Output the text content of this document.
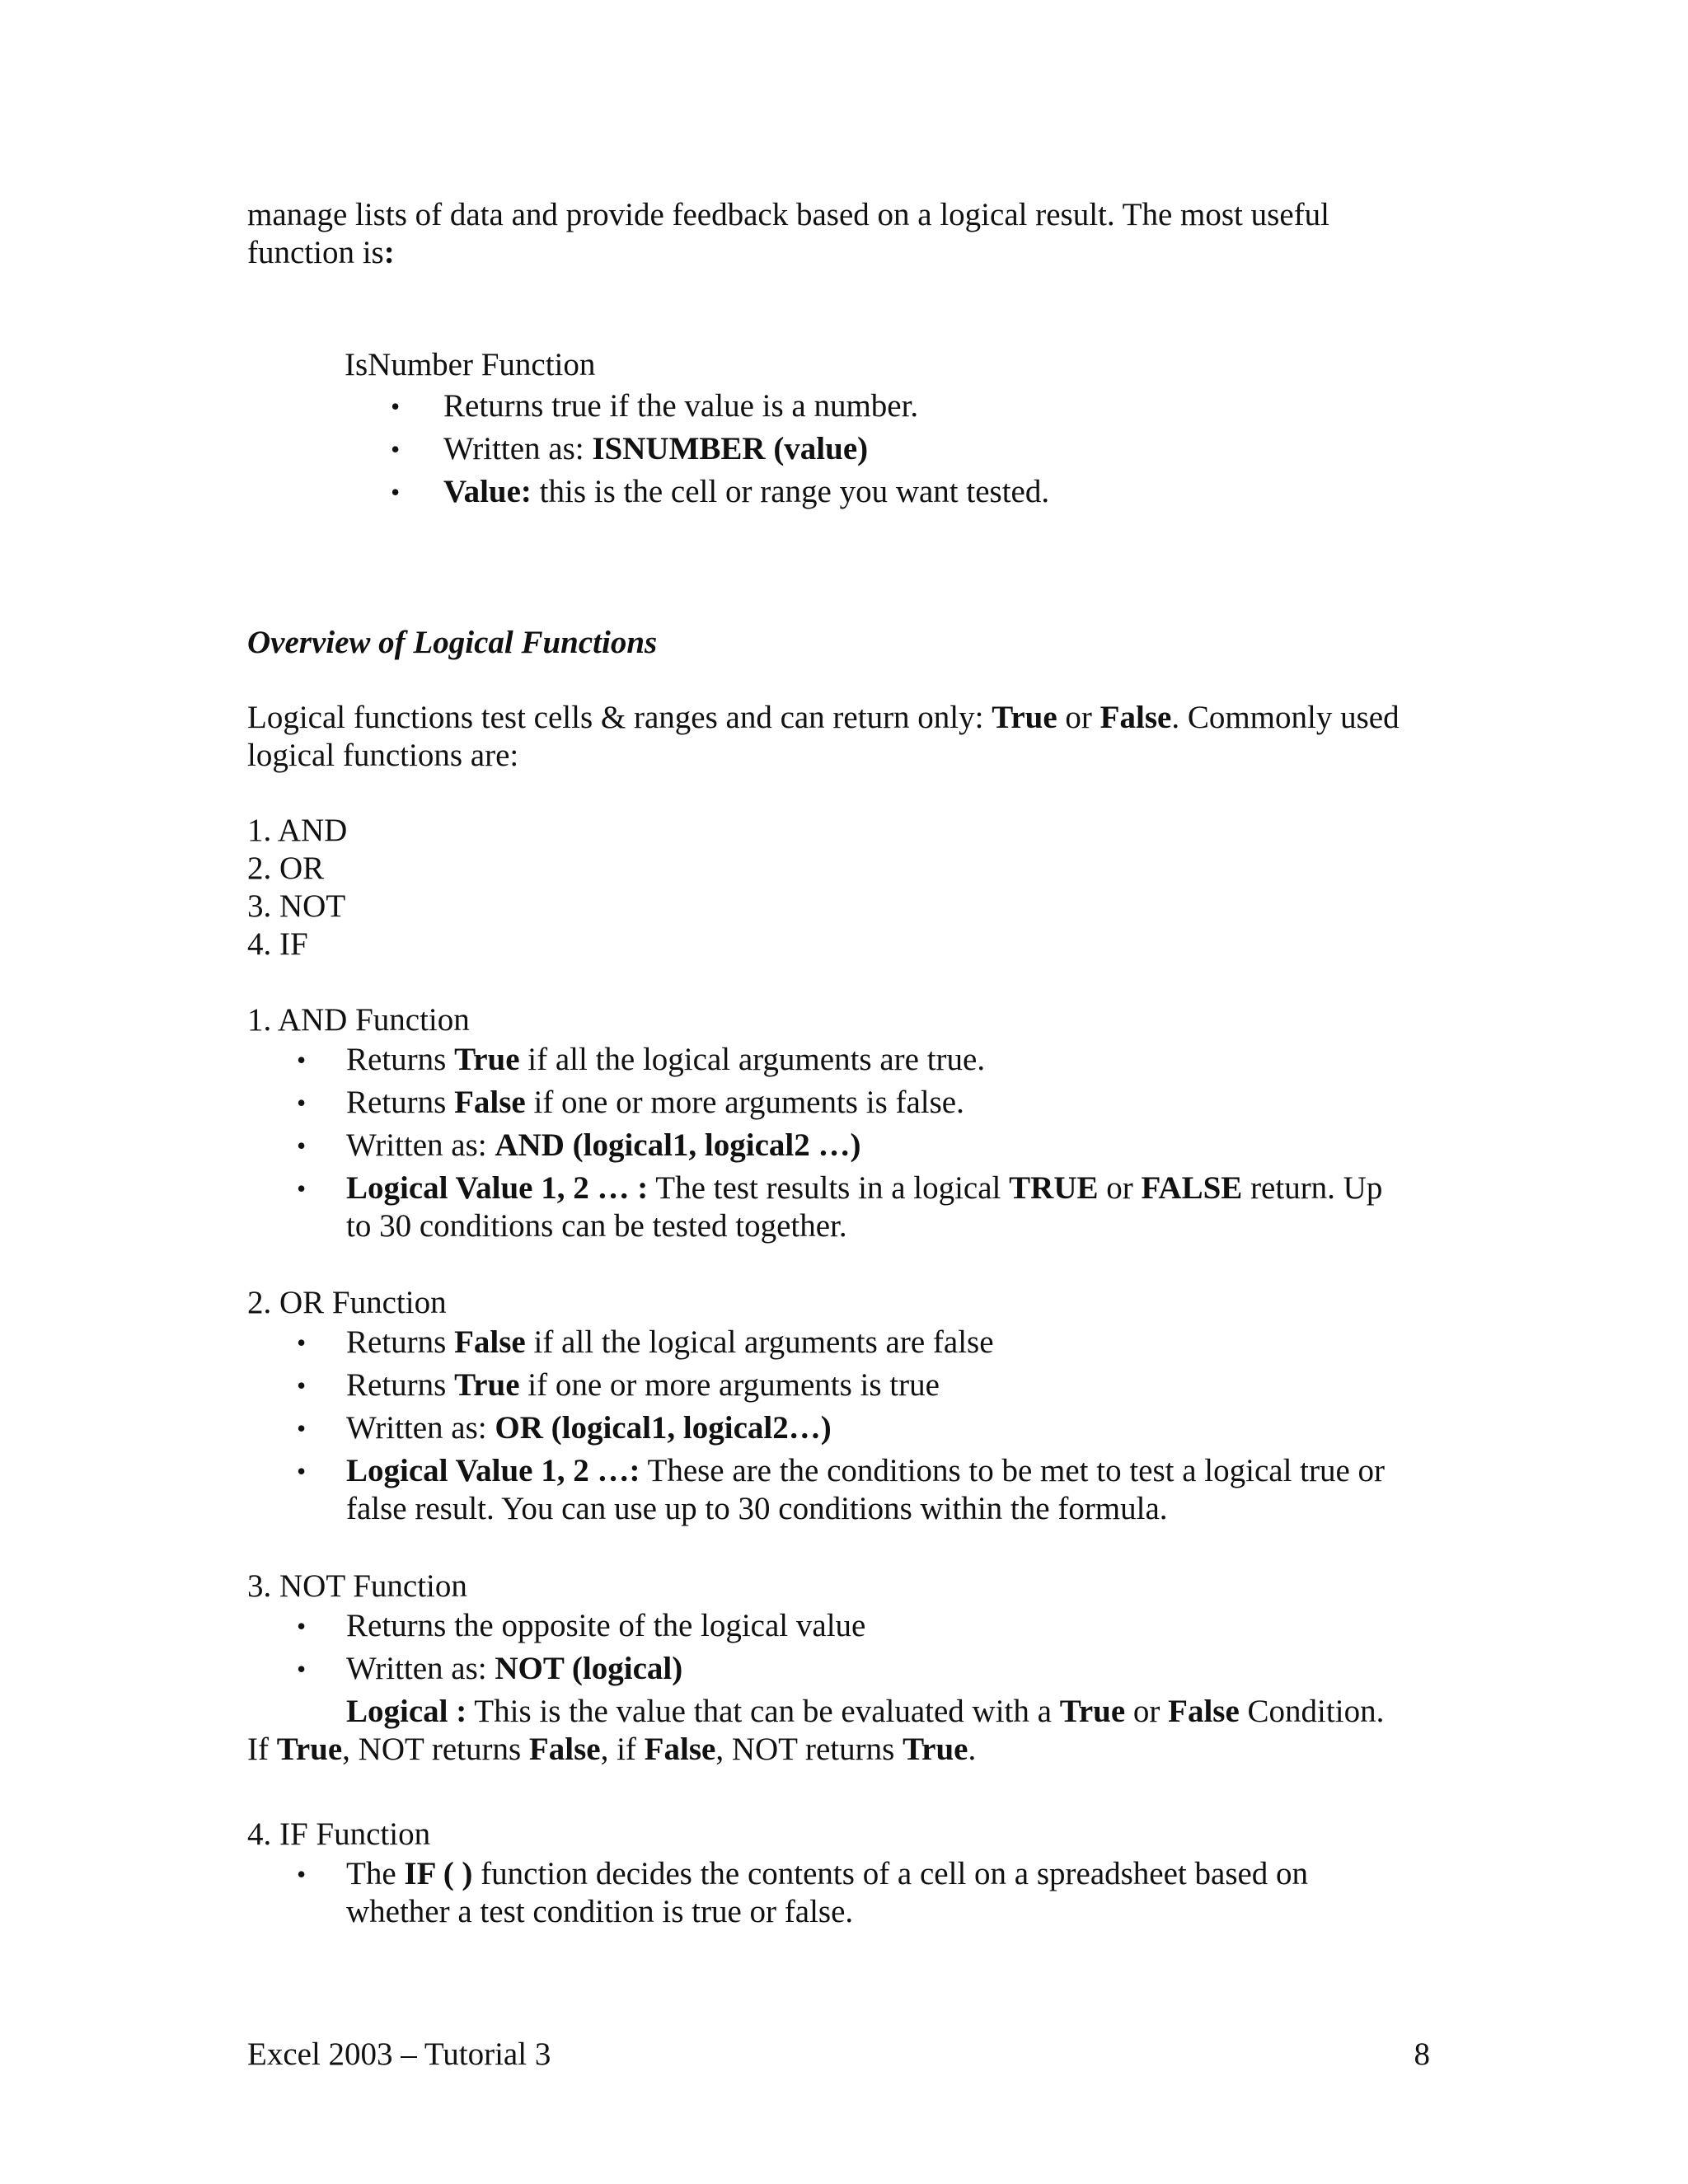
manage lists of data and provide feedback based on a logical result. The most useful
function is:
IsNumber Function
• Returns true if the value is a number.
• Written as: ISNUMBER (value)
• Value: this is the cell or range you want tested.
Overview of Logical Functions
Logical functions test cells & ranges and can return only: True or False. Commonly used
logical functions are:
1. AND
2. OR
3. NOT
4. IF
1. AND Function
• Returns True if all the logical arguments are true.
• Returns False if one or more arguments is false.
• Written as: AND (logical1, logical2 …)
• Logical Value 1, 2 … : The test results in a logical TRUE or FALSE return. Up
to 30 conditions can be tested together.
2. OR Function
• Returns False if all the logical arguments are false
• Returns True if one or more arguments is true
• Written as: OR (logical1, logical2…)
• Logical Value 1, 2 …: These are the conditions to be met to test a logical true or
false result. You can use up to 30 conditions within the formula.
3. NOT Function
• Returns the opposite of the logical value
• Written as: NOT (logical)
Logical : This is the value that can be evaluated with a True or False Condition.
If True, NOT returns False, if False, NOT returns True.
4. IF Function
• The IF ( ) function decides the contents of a cell on a spreadsheet based on
whether a test condition is true or false.
Excel 2003 – Tutorial 3	8
